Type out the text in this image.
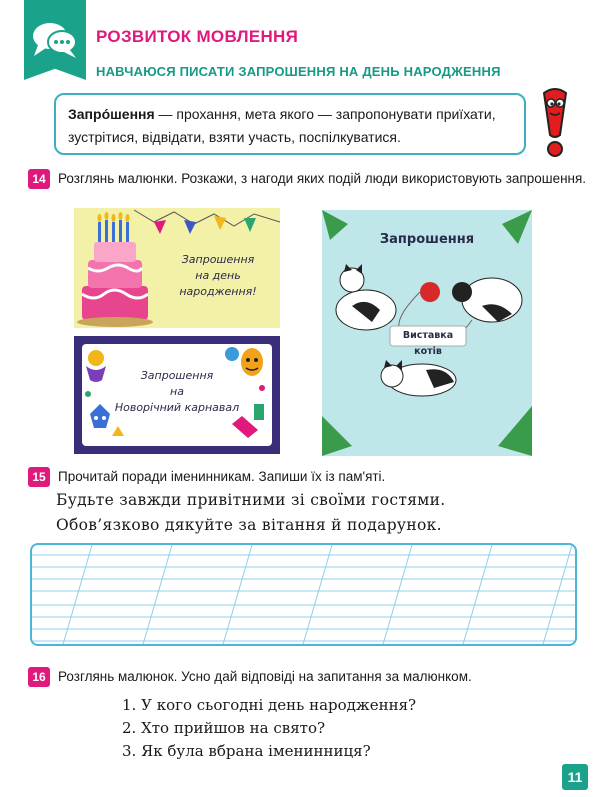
РОЗВИТОК МОВЛЕННЯ
НАВЧАЮСЯ ПИСАТИ ЗАПРОШЕННЯ НА ДЕНЬ НАРОДЖЕННЯ
Запро́шення — прохання, мета якого — запропонувати приїхати, зустрітися, відвідати, взяти участь, поспілкуватися.
14 Розглянь малюнки. Розкажи, з нагоди яких подій люди використовують запрошення.
Запрошення
на день народження!
Запрошення
на
Новорічний карнавал
Запрошення
Виставка котів
15 Прочитай поради іменинникам. Запиши їх із пам'яті.
Будьте завжди привітними зі своїми гостями.
Обов’язково дякуйте за вітання й подарунок.
16 Розглянь малюнок. Усно дай відповіді на запитання за малюнком.
1. У кого сьогодні день народження?
2. Хто прийшов на свято?
3. Як була вбрана іменинниця?
11
